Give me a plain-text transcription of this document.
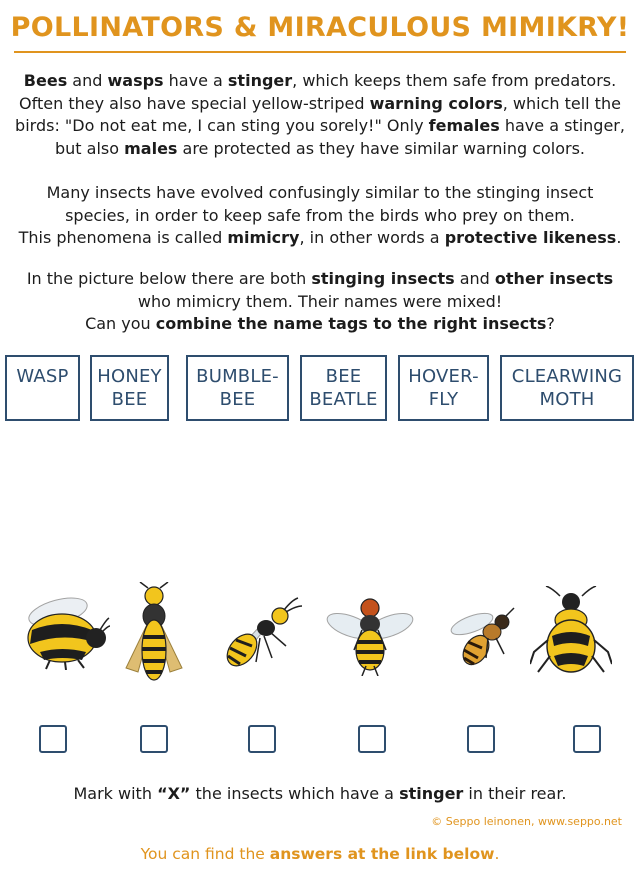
POLLINATORS & MIRACULOUS MIMIKRY!

Bees and wasps have a stinger, which keeps them safe from predators.
Often they also have special yellow-striped warning colors, which tell the
birds: "Do not eat me, I can sting you sorely!" Only females have a stinger,
but also males are protected as they have similar warning colors.

Many insects have evolved confusingly similar to the stinging insect
species, in order to keep safe from the birds who prey on them.
This phenomena is called mimicry, in other words a protective likeness.

In the picture below there are both stinging insects and other insects
who mimicry them. Their names were mixed!
Can you combine the name tags to the right insects?

WASP HONEY
BEE
BUMBLE-
BEE
BEE
BEATLE
HOVER-
FLY
CLEARWING
MOTH
Mark with “X” the insects which have a stinger in their rear.
© Seppo leinonen, www.seppo.net
You can find the answers at the link below.
